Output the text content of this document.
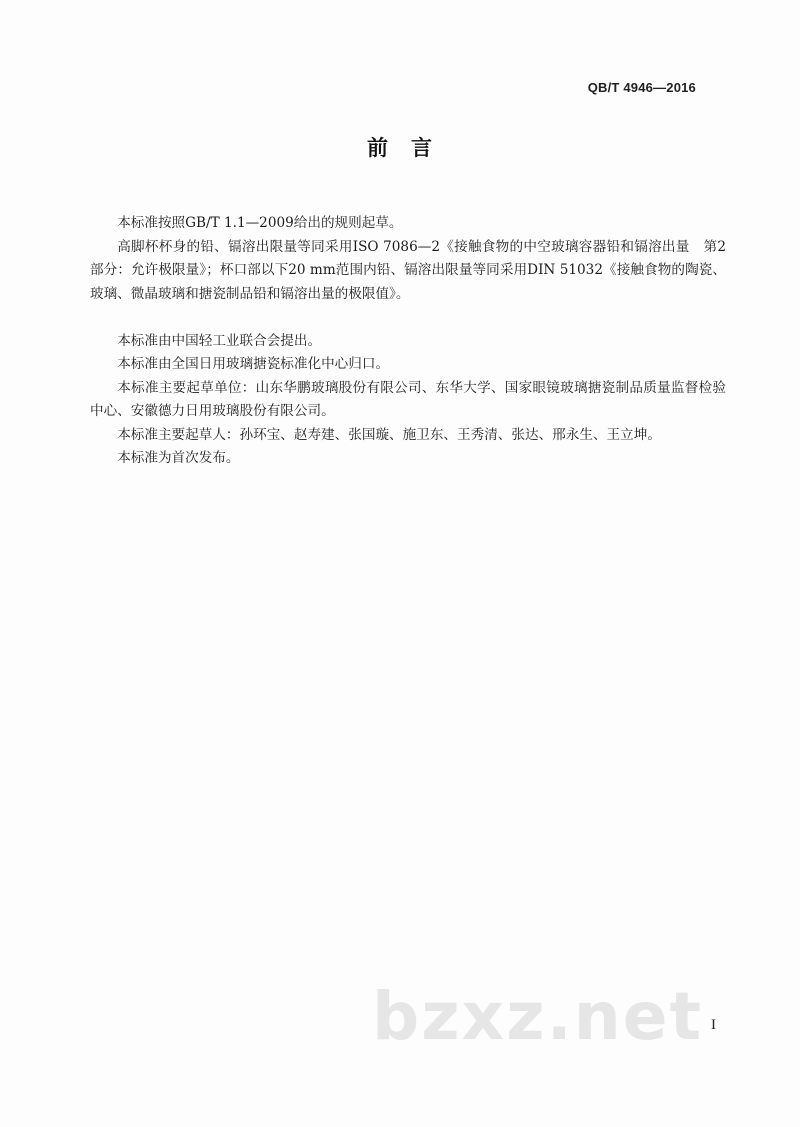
QB/T 4946—2016
前　言

本标准按照GB/T 1.1—2009给出的规则起草。

高脚杯杯身的铅、镉溶出限量等同采用ISO 7086—2《接触食物的中空玻璃容器铅和镉溶出量　第2部分：允许极限量》；杯口部以下20 mm范围内铅、镉溶出限量等同采用DIN 51032《接触食物的陶瓷、玻璃、微晶玻璃和搪瓷制品铅和镉溶出量的极限值》。

本标准由中国轻工业联合会提出。

本标准由全国日用玻璃搪瓷标准化中心归口。

本标准主要起草单位：山东华鹏玻璃股份有限公司、东华大学、国家眼镜玻璃搪瓷制品质量监督检验中心、安徽德力日用玻璃股份有限公司。

本标准主要起草人：孙环宝、赵寿建、张国璇、施卫东、王秀清、张达、邢永生、王立坤。

本标准为首次发布。

bzxz.net I
